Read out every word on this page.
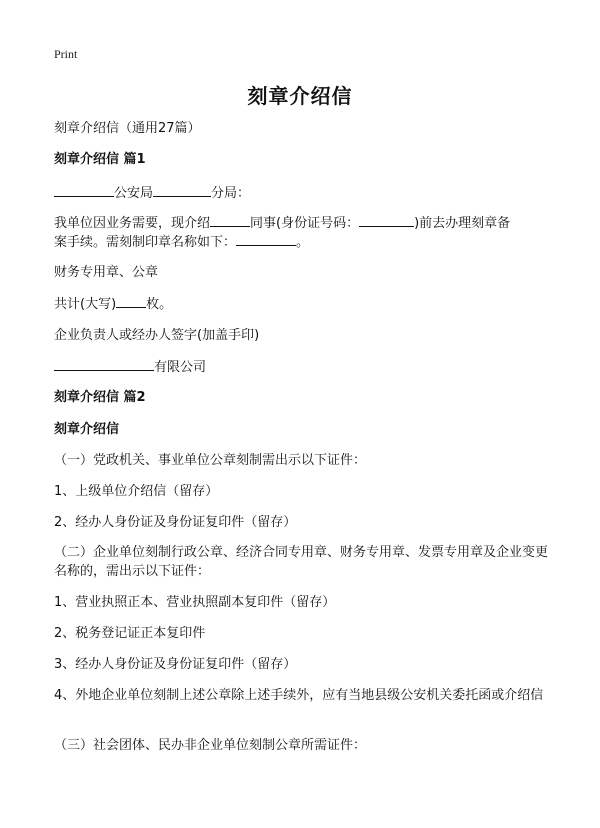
Print
刻章介绍信
刻章介绍信（通用27篇）
刻章介绍信 篇1
公安局	分局：
我单位因业务需要，现介绍	同事(身份证号码：	)前去办理刻章备
案手续。需刻制印章名称如下：	。
财务专用章、公章
共计(大写) 枚。
企业负责人或经办人签字(加盖手印)
有限公司
刻章介绍信 篇2
刻章介绍信
（一）党政机关、事业单位公章刻制需出示以下证件：
1、上级单位介绍信（留存）
2、经办人身份证及身份证复印件（留存）
（二）企业单位刻制行政公章、经济合同专用章、财务专用章、发票专用章及企业变更名称的，需出示以下证件：
1、营业执照正本、营业执照副本复印件（留存）
2、税务登记证正本复印件
3、经办人身份证及身份证复印件（留存）
4、外地企业单位刻制上述公章除上述手续外，应有当地县级公安机关委托函或介绍信
（三）社会团体、民办非企业单位刻制公章所需证件：
